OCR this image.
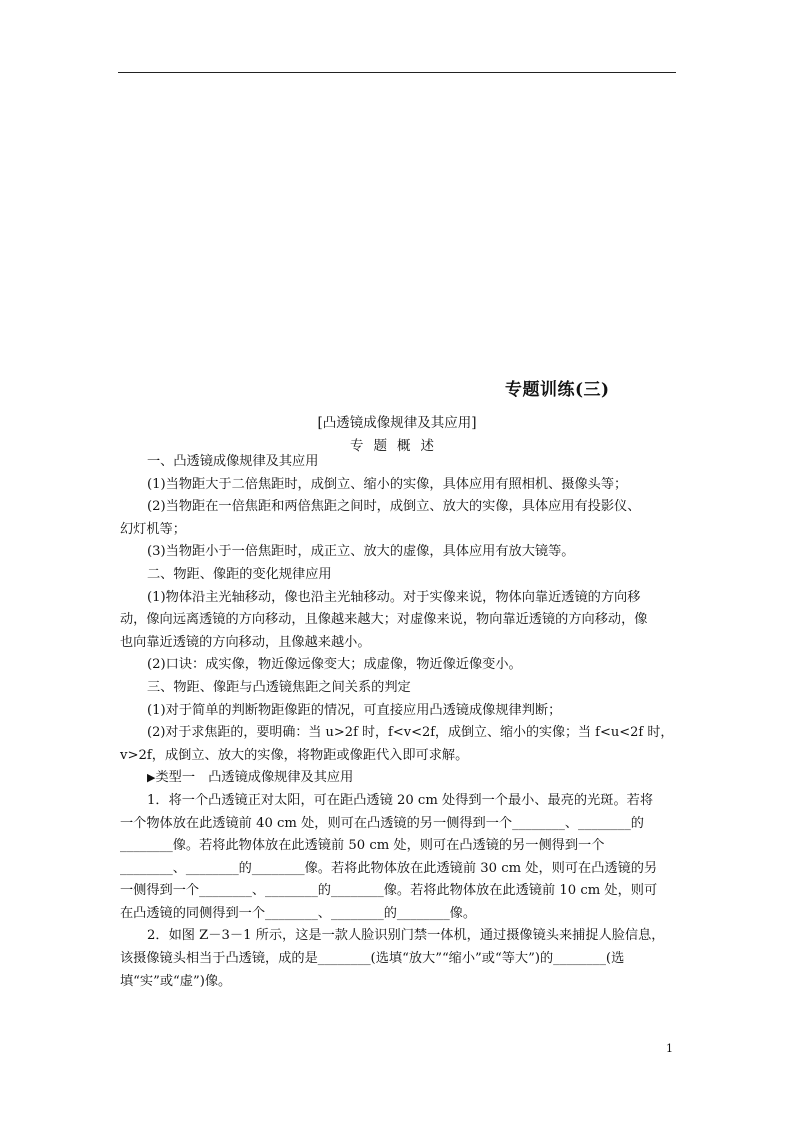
专题训练(三)
[凸透镜成像规律及其应用]
专题概述

一、凸透镜成像规律及其应用

(1)当物距大于二倍焦距时，成倒立、缩小的实像，具体应用有照相机、摄像头等；

(2)当物距在一倍焦距和两倍焦距之间时，成倒立、放大的实像，具体应用有投影仪、

幻灯机等；

(3)当物距小于一倍焦距时，成正立、放大的虚像，具体应用有放大镜等。

二、物距、像距的变化规律应用

(1)物体沿主光轴移动，像也沿主光轴移动。对于实像来说，物体向靠近透镜的方向移

动，像向远离透镜的方向移动，且像越来越大；对虚像来说，物向靠近透镜的方向移动，像

也向靠近透镜的方向移动，且像越来越小。

(2)口诀：成实像，物近像远像变大；成虚像，物近像近像变小。

三、物距、像距与凸透镜焦距之间关系的判定

(1)对于简单的判断物距像距的情况，可直接应用凸透镜成像规律判断；

(2)对于求焦距的，要明确：当 u>2f 时，f<v<2f，成倒立、缩小的实像；当 f<u<2f 时，

v>2f，成倒立、放大的实像，将物距或像距代入即可求解。

▶类型一　凸透镜成像规律及其应用

1．将一个凸透镜正对太阳，可在距凸透镜 20 cm 处得到一个最小、最亮的光斑。若将

一个物体放在此透镜前 40 cm 处，则可在凸透镜的另一侧得到一个________、________的

________像。若将此物体放在此透镜前 50 cm 处，则可在凸透镜的另一侧得到一个

________、________的________像。若将此物体放在此透镜前 30 cm 处，则可在凸透镜的另

一侧得到一个________、________的________像。若将此物体放在此透镜前 10 cm 处，则可

在凸透镜的同侧得到一个________、________的________像。

2．如图 Z－3－1 所示，这是一款人脸识别门禁一体机，通过摄像镜头来捕捉人脸信息，

该摄像镜头相当于凸透镜，成的是________(选填“放大”“缩小”或“等大”)的________(选

填“实”或“虚”)像。

1
